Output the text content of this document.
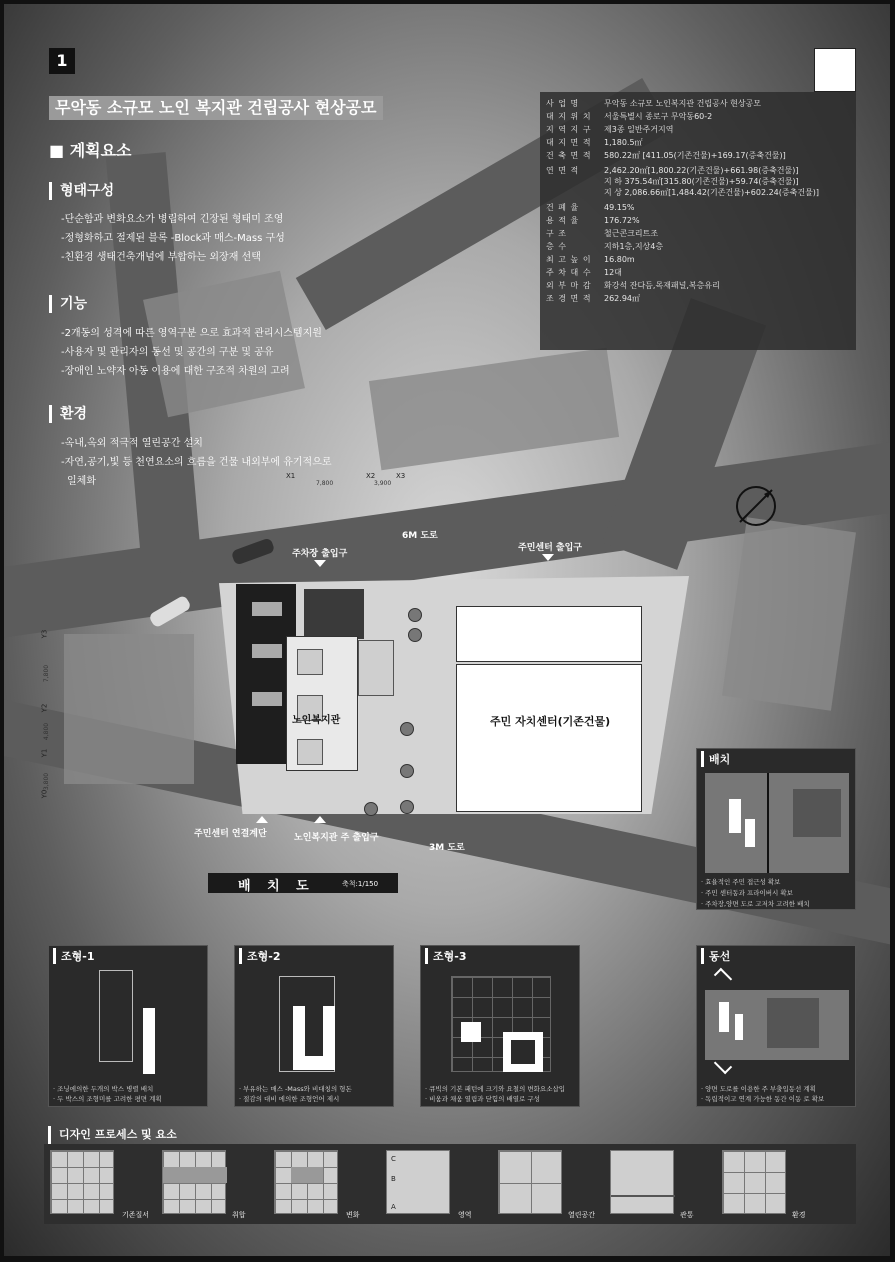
1
무악동 소규모 노인 복지관 건립공사 현상공모
■ 계획요소
형태구성
-단순함과 변화요소가 병립하여 긴장된 형태미 조영
-정형화하고 절제된 블록 -Block과 매스-Mass 구성
-친환경 생태건축개념에 부합하는 외장재 선택
기능
-2개동의 성격에 따른 영역구분 으로 효과적 관리시스템지원
-사용자 및 관리자의 동선 및 공간의 구분 및 공유
-장애인 노약자 아동 이용에 대한 구조적 차원의 고려
환경
-옥내,옥외 적극적 열린공간 설치
-자연,공기,빛 등 천연요소의 흐름을 건물 내외부에 유기적으로
일체화
사 업 명	무악동 소규모 노인복지관 건립공사 현상공모
대 지 위 치 서울특별시 종로구 무악동60-2
지 역 지 구 제3종 일반주거지역
대 지 면 적 1,180.5㎡
건 축 면 적 580.22㎡ [411.05(기존건물)+169.17(증축건물)]
연 면 적	2,462.20㎡[1,800.22(기존건물)+661.98(증축건물)]
지 하 375.54㎡[315.80(기존건물)+59.74(증축건물)]
지 상 2,086.66㎡[1,484.42(기존건물)+602.24(증축건물)]
건 폐 율	49.15%
용 적 율	176.72%
구 조	철근콘크리트조
층 수	지하1층,지상4층
최 고 높 이 16.80m
주 차 대 수 12대
외 부 마 감 화강석 잔다듬,목재패널,복층유리
조 경 면 적 262.94㎡
X1	X2	X3
7,800	3,900
Y3
Y2
Y1
Y0
7,800
4,800
3,800
6M 도로
3M 도로
주차장 출입구
주민센터 출입구
노인복지관	주민 자치센터(기존건물)
주민센터 연결계단	노인복지관 주 출입구
배 치 도	축척:1/150
배치
· 효율적인 주민 접근성 확보
· 주민 센터동과 프라이버시 확보
· 주차장,양면 도로 고저차 고려한 배치
조형-1
· 조닝에의한 두개의 박스 병렬 배치
· 두 박스의 조형미를 고려한 평면 계획
조형-2
· 부유하는 매스 -Mass와 비대칭의 형돈
· 절감의 대비 에의한 조형언어 제시
조형-3
· 큐빅의 기본 패턴에 크기와 요철의 변화요소삽입
· 비움과 채움 열림과 닫힘의 배열로 구성
동선
· 양면 도로를 이용한 주 부출입동선 계획
· 독립적이고 연계 가능한 동간 이동 로 확보
디자인 프로세스 및 요소
기존질서	취합	변화
C
B
A
영역	열린공간	관통	환경
